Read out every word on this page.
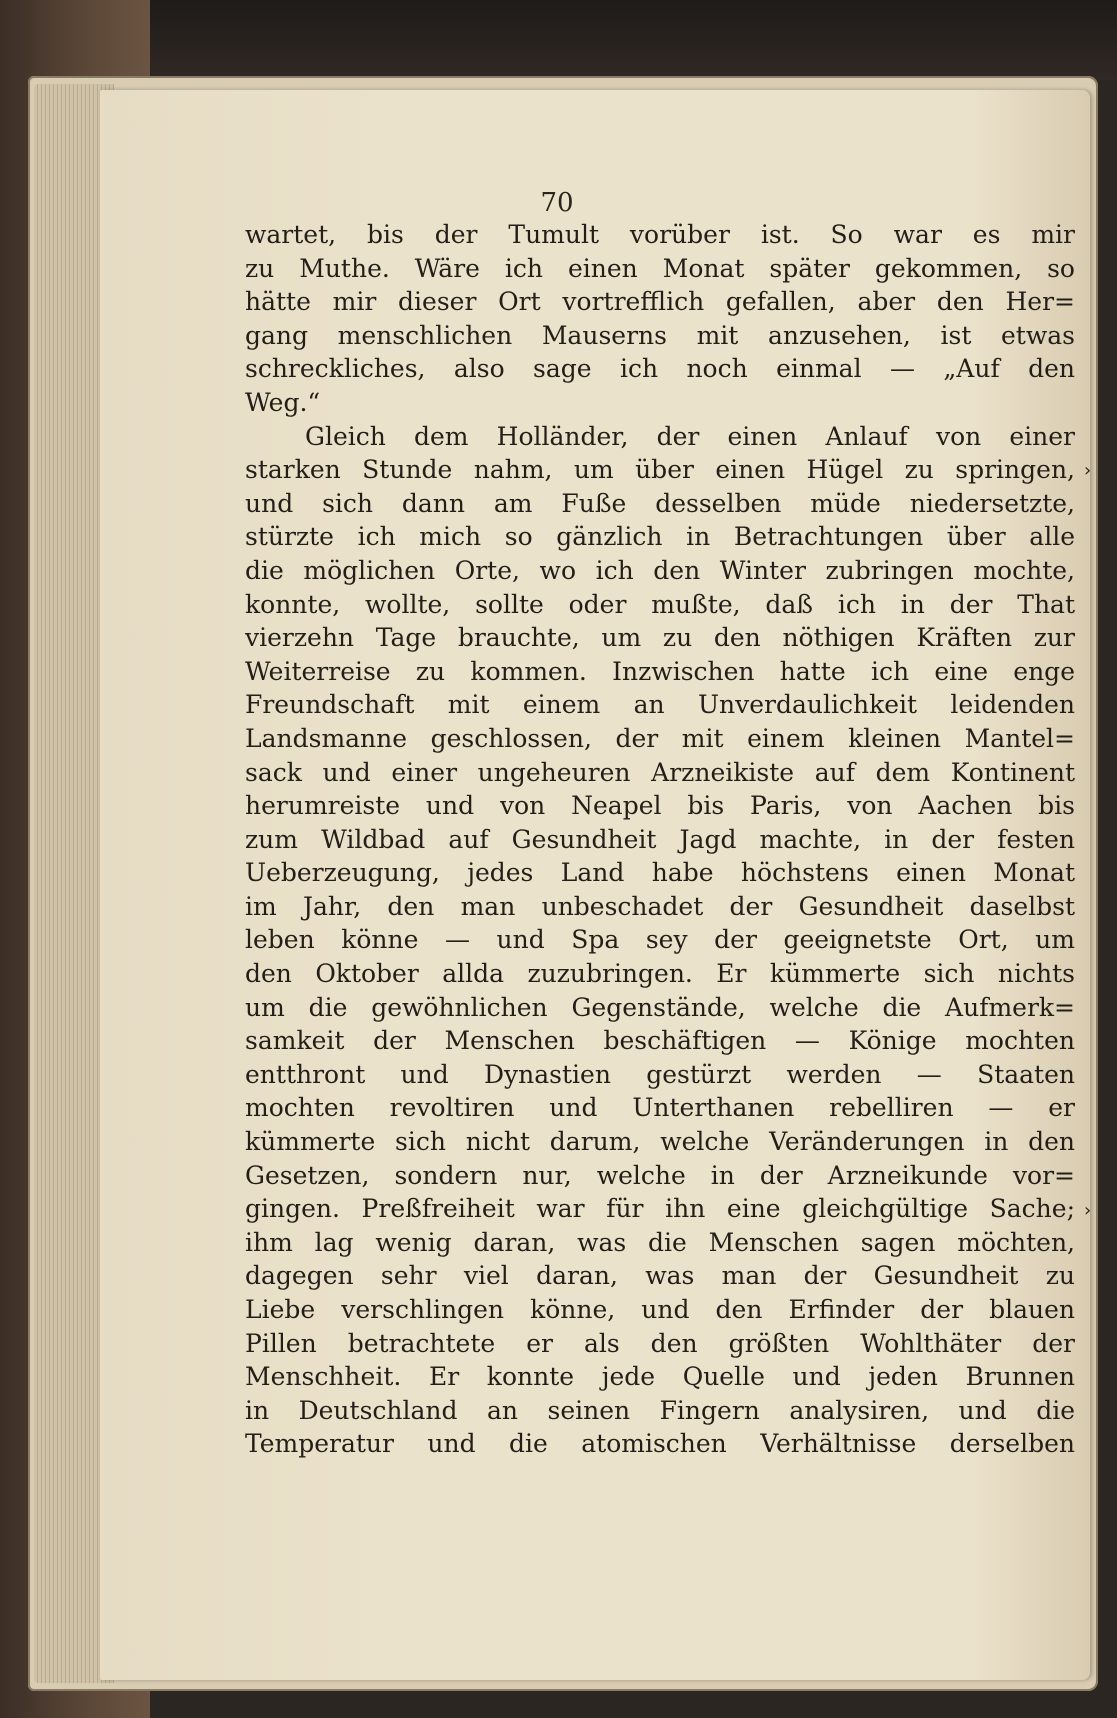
70
wartet, bis der Tumult vorüber ist. So war es mir
zu Muthe. Wäre ich einen Monat später gekommen, so
hätte mir dieser Ort vortrefflich gefallen, aber den Her=
gang menschlichen Mauserns mit anzusehen, ist etwas
schreckliches, also sage ich noch einmal — „Auf den
Weg.“
Gleich dem Holländer, der einen Anlauf von einer
starken Stunde nahm, um über einen Hügel zu springen,
und sich dann am Fuße desselben müde niedersetzte,
stürzte ich mich so gänzlich in Betrachtungen über alle
die möglichen Orte, wo ich den Winter zubringen mochte,
konnte, wollte, sollte oder mußte, daß ich in der That
vierzehn Tage brauchte, um zu den nöthigen Kräften zur
Weiterreise zu kommen. Inzwischen hatte ich eine enge
Freundschaft mit einem an Unverdaulichkeit leidenden
Landsmanne geschlossen, der mit einem kleinen Mantel=
sack und einer ungeheuren Arzneikiste auf dem Kontinent
herumreiste und von Neapel bis Paris, von Aachen bis
zum Wildbad auf Gesundheit Jagd machte, in der festen
Ueberzeugung, jedes Land habe höchstens einen Monat
im Jahr, den man unbeschadet der Gesundheit daselbst
leben könne — und Spa sey der geeignetste Ort, um
den Oktober allda zuzubringen. Er kümmerte sich nichts
um die gewöhnlichen Gegenstände, welche die Aufmerk=
samkeit der Menschen beschäftigen — Könige mochten
entthront und Dynastien gestürzt werden — Staaten
mochten revoltiren und Unterthanen rebelliren — er
kümmerte sich nicht darum, welche Veränderungen in den
Gesetzen, sondern nur, welche in der Arzneikunde vor=
gingen. Preßfreiheit war für ihn eine gleichgültige Sache;
ihm lag wenig daran, was die Menschen sagen möchten,
dagegen sehr viel daran, was man der Gesundheit zu
Liebe verschlingen könne, und den Erfinder der blauen
Pillen betrachtete er als den größten Wohlthäter der
Menschheit. Er konnte jede Quelle und jeden Brunnen
in Deutschland an seinen Fingern analysiren, und die
Temperatur und die atomischen Verhältnisse derselben
›
›
